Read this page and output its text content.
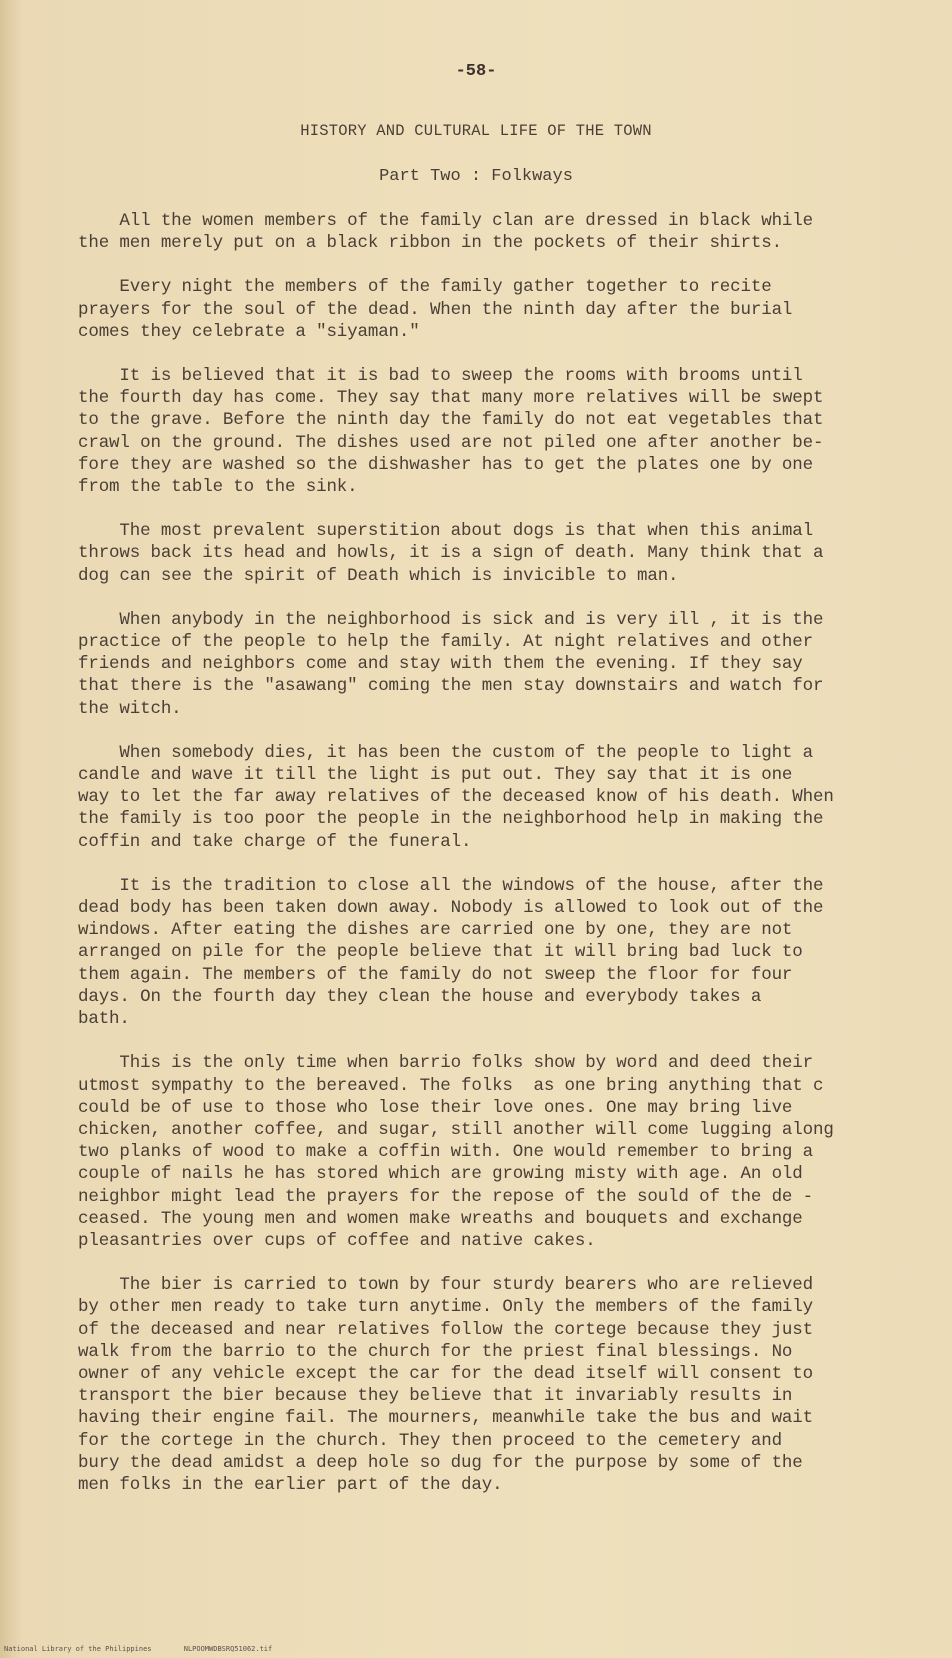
-58-
HISTORY AND CULTURAL LIFE OF THE TOWN
Part Two : Folkways

All the women members of the family clan are dressed in black while
the men merely put on a black ribbon in the pockets of their shirts.

Every night the members of the family gather together to recite
prayers for the soul of the dead. When the ninth day after the burial
comes they celebrate a "siyaman."

It is believed that it is bad to sweep the rooms with brooms until
the fourth day has come. They say that many more relatives will be swept
to the grave. Before the ninth day the family do not eat vegetables that
crawl on the ground. The dishes used are not piled one after another be-
fore they are washed so the dishwasher has to get the plates one by one
from the table to the sink.

The most prevalent superstition about dogs is that when this animal
throws back its head and howls, it is a sign of death. Many think that a
dog can see the spirit of Death which is invicible to man.

When anybody in the neighborhood is sick and is very ill , it is the
practice of the people to help the family. At night relatives and other
friends and neighbors come and stay with them the evening. If they say
that there is the "asawang" coming the men stay downstairs and watch for
the witch.

When somebody dies, it has been the custom of the people to light a
candle and wave it till the light is put out. They say that it is one
way to let the far away relatives of the deceased know of his death. When
the family is too poor the people in the neighborhood help in making the
coffin and take charge of the funeral.

It is the tradition to close all the windows of the house, after the
dead body has been taken down away. Nobody is allowed to look out of the
windows. After eating the dishes are carried one by one, they are not
arranged on pile for the people believe that it will bring bad luck to
them again. The members of the family do not sweep the floor for four
days. On the fourth day they clean the house and everybody takes a
bath.

This is the only time when barrio folks show by word and deed their
utmost sympathy to the bereaved. The folks  as one bring anything that c
could be of use to those who lose their love ones. One may bring live
chicken, another coffee, and sugar, still another will come lugging along
two planks of wood to make a coffin with. One would remember to bring a
couple of nails he has stored which are growing misty with age. An old
neighbor might lead the prayers for the repose of the sould of the de -
ceased. The young men and women make wreaths and bouquets and exchange
pleasantries over cups of coffee and native cakes.

The bier is carried to town by four sturdy bearers who are relieved
by other men ready to take turn anytime. Only the members of the family
of the deceased and near relatives follow the cortege because they just
walk from the barrio to the church for the priest final blessings. No
owner of any vehicle except the car for the dead itself will consent to
transport the bier because they believe that it invariably results in
having their engine fail. The mourners, meanwhile take the bus and wait
for the cortege in the church. They then proceed to the cemetery and
bury the dead amidst a deep hole so dug for the purpose by some of the
men folks in the earlier part of the day.

National Library of the Philippines	NLPOOMWDBSRQ51062.tif
